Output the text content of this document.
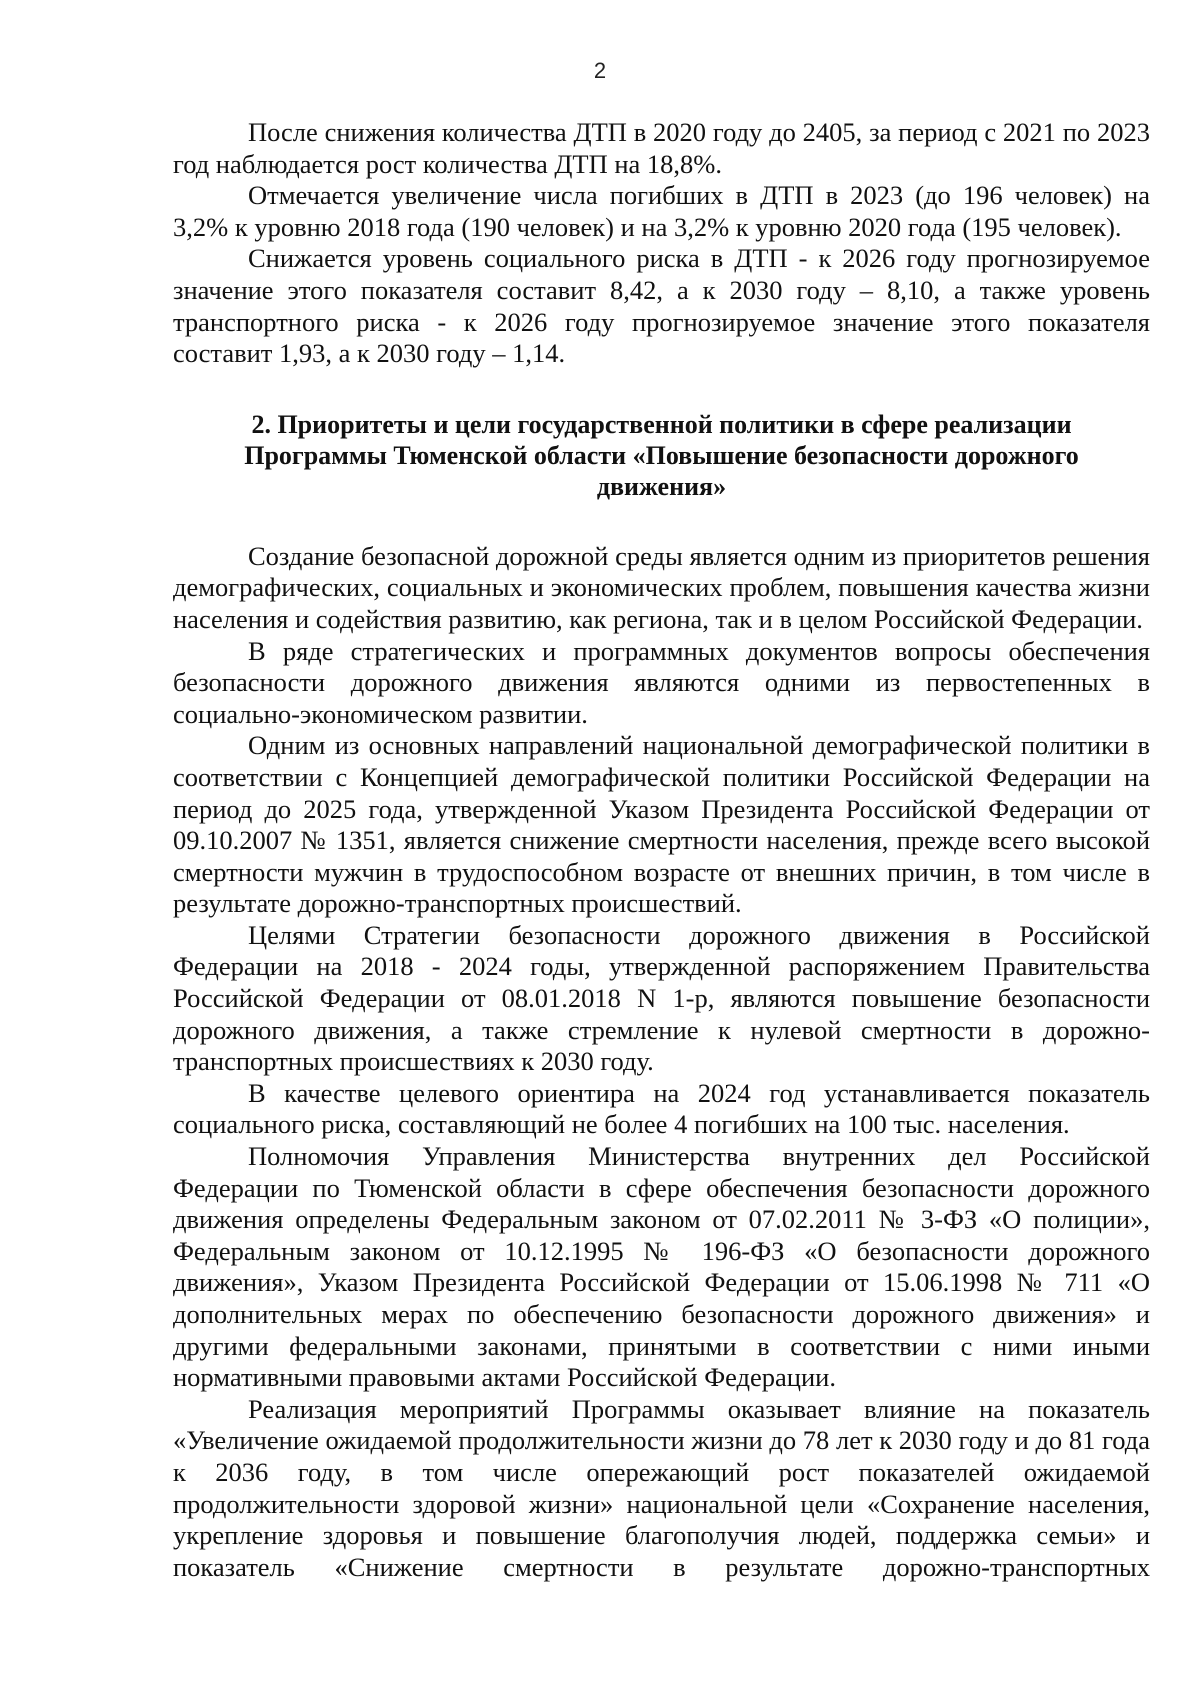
2

После снижения количества ДТП в 2020 году до 2405, за период с 2021 по 2023 год наблюдается рост количества ДТП на 18,8%.

Отмечается увеличение числа погибших в ДТП в 2023 (до 196 человек) на 3,2% к уровню 2018 года (190 человек) и на 3,2% к уровню 2020 года (195 человек).

Снижается уровень социального риска в ДТП - к 2026 году прогнозируемое значение этого показателя составит 8,42, а к 2030 году – 8,10, а также уровень транспортного риска - к 2026 году прогнозируемое значение этого показателя составит 1,93, а к 2030 году – 1,14.

2. Приоритеты и цели государственной политики в сфере реализации Программы Тюменской области «Повышение безопасности дорожного движения»

Создание безопасной дорожной среды является одним из приоритетов решения демографических, социальных и экономических проблем, повышения качества жизни населения и содействия развитию, как региона, так и в целом Российской Федерации.

В ряде стратегических и программных документов вопросы обеспечения безопасности дорожного движения являются одними из первостепенных в социально-экономическом развитии.

Одним из основных направлений национальной демографической политики в соответствии с Концепцией демографической политики Российской Федерации на период до 2025 года, утвержденной Указом Президента Российской Федерации от 09.10.2007 № 1351, является снижение смертности населения, прежде всего высокой смертности мужчин в трудоспособном возрасте от внешних причин, в том числе в результате дорожно-транспортных происшествий.

Целями Стратегии безопасности дорожного движения в Российской Федерации на 2018 - 2024 годы, утвержденной распоряжением Правительства Российской Федерации от 08.01.2018 N 1-р, являются повышение безопасности дорожного движения, а также стремление к нулевой смертности в дорожно-транспортных происшествиях к 2030 году.

В качестве целевого ориентира на 2024 год устанавливается показатель социального риска, составляющий не более 4 погибших на 100 тыс. населения.

Полномочия Управления Министерства внутренних дел Российской Федерации по Тюменской области в сфере обеспечения безопасности дорожного движения определены Федеральным законом от 07.02.2011 № 3-ФЗ «О полиции», Федеральным законом от 10.12.1995 № 196-ФЗ «О безопасности дорожного движения», Указом Президента Российской Федерации от 15.06.1998 № 711 «О дополнительных мерах по обеспечению безопасности дорожного движения» и другими федеральными законами, принятыми в соответствии с ними иными нормативными правовыми актами Российской Федерации.

Реализация мероприятий Программы оказывает влияние на показатель «Увеличение ожидаемой продолжительности жизни до 78 лет к 2030 году и до 81 года к 2036 году, в том числе опережающий рост показателей ожидаемой продолжительности здоровой жизни» национальной цели «Сохранение населения, укрепление здоровья и повышение благополучия людей, поддержка семьи» и показатель «Снижение смертности в результате дорожно-транспортных
